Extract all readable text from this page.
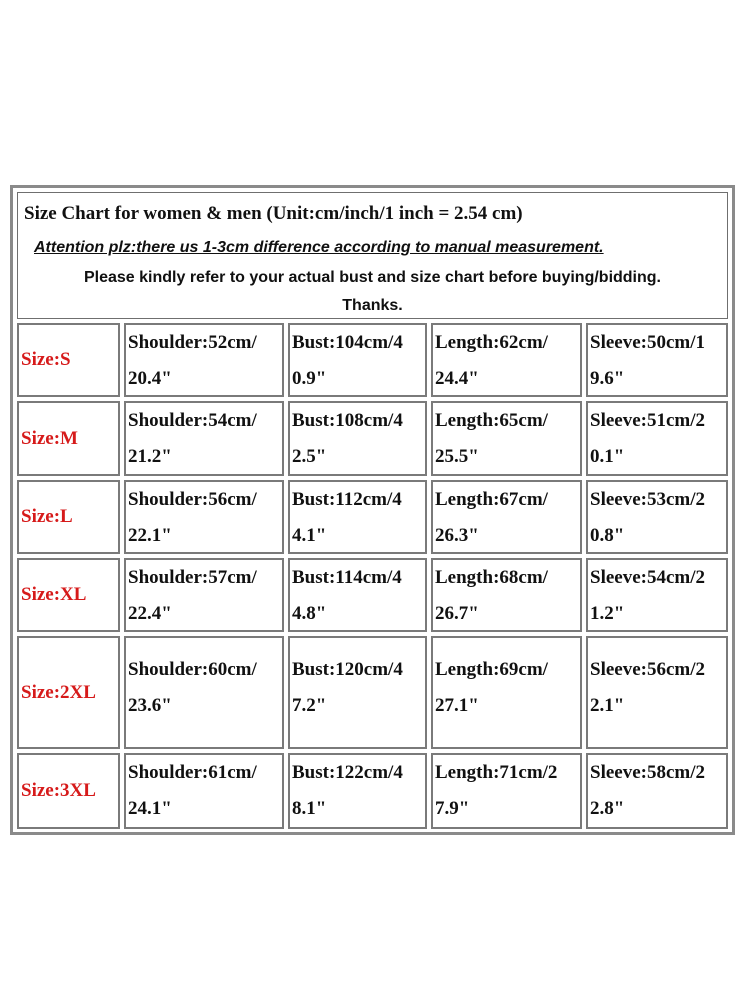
Size Chart for women & men (Unit:cm/inch/1 inch = 2.54 cm)
Attention plz:there us 1-3cm difference according to manual measurement.
Please kindly refer to your actual bust and size chart before buying/bidding.
Thanks.
Size:S
Shoulder:52cm/
20.4"
Bust:104cm/4
0.9"
Length:62cm/
24.4"
Sleeve:50cm/1
9.6"
Size:M
Shoulder:54cm/
21.2"
Bust:108cm/4
2.5"
Length:65cm/
25.5"
Sleeve:51cm/2
0.1"
Size:L
Shoulder:56cm/
22.1"
Bust:112cm/4
4.1"
Length:67cm/
26.3"
Sleeve:53cm/2
0.8"
Size:XL
Shoulder:57cm/
22.4"
Bust:114cm/4
4.8"
Length:68cm/
26.7"
Sleeve:54cm/2
1.2"
Size:2XL
Shoulder:60cm/
23.6"
Bust:120cm/4
7.2"
Length:69cm/
27.1"
Sleeve:56cm/2
2.1"
Size:3XL
Shoulder:61cm/
24.1"
Bust:122cm/4
8.1"
Length:71cm/2
7.9"
Sleeve:58cm/2
2.8"
